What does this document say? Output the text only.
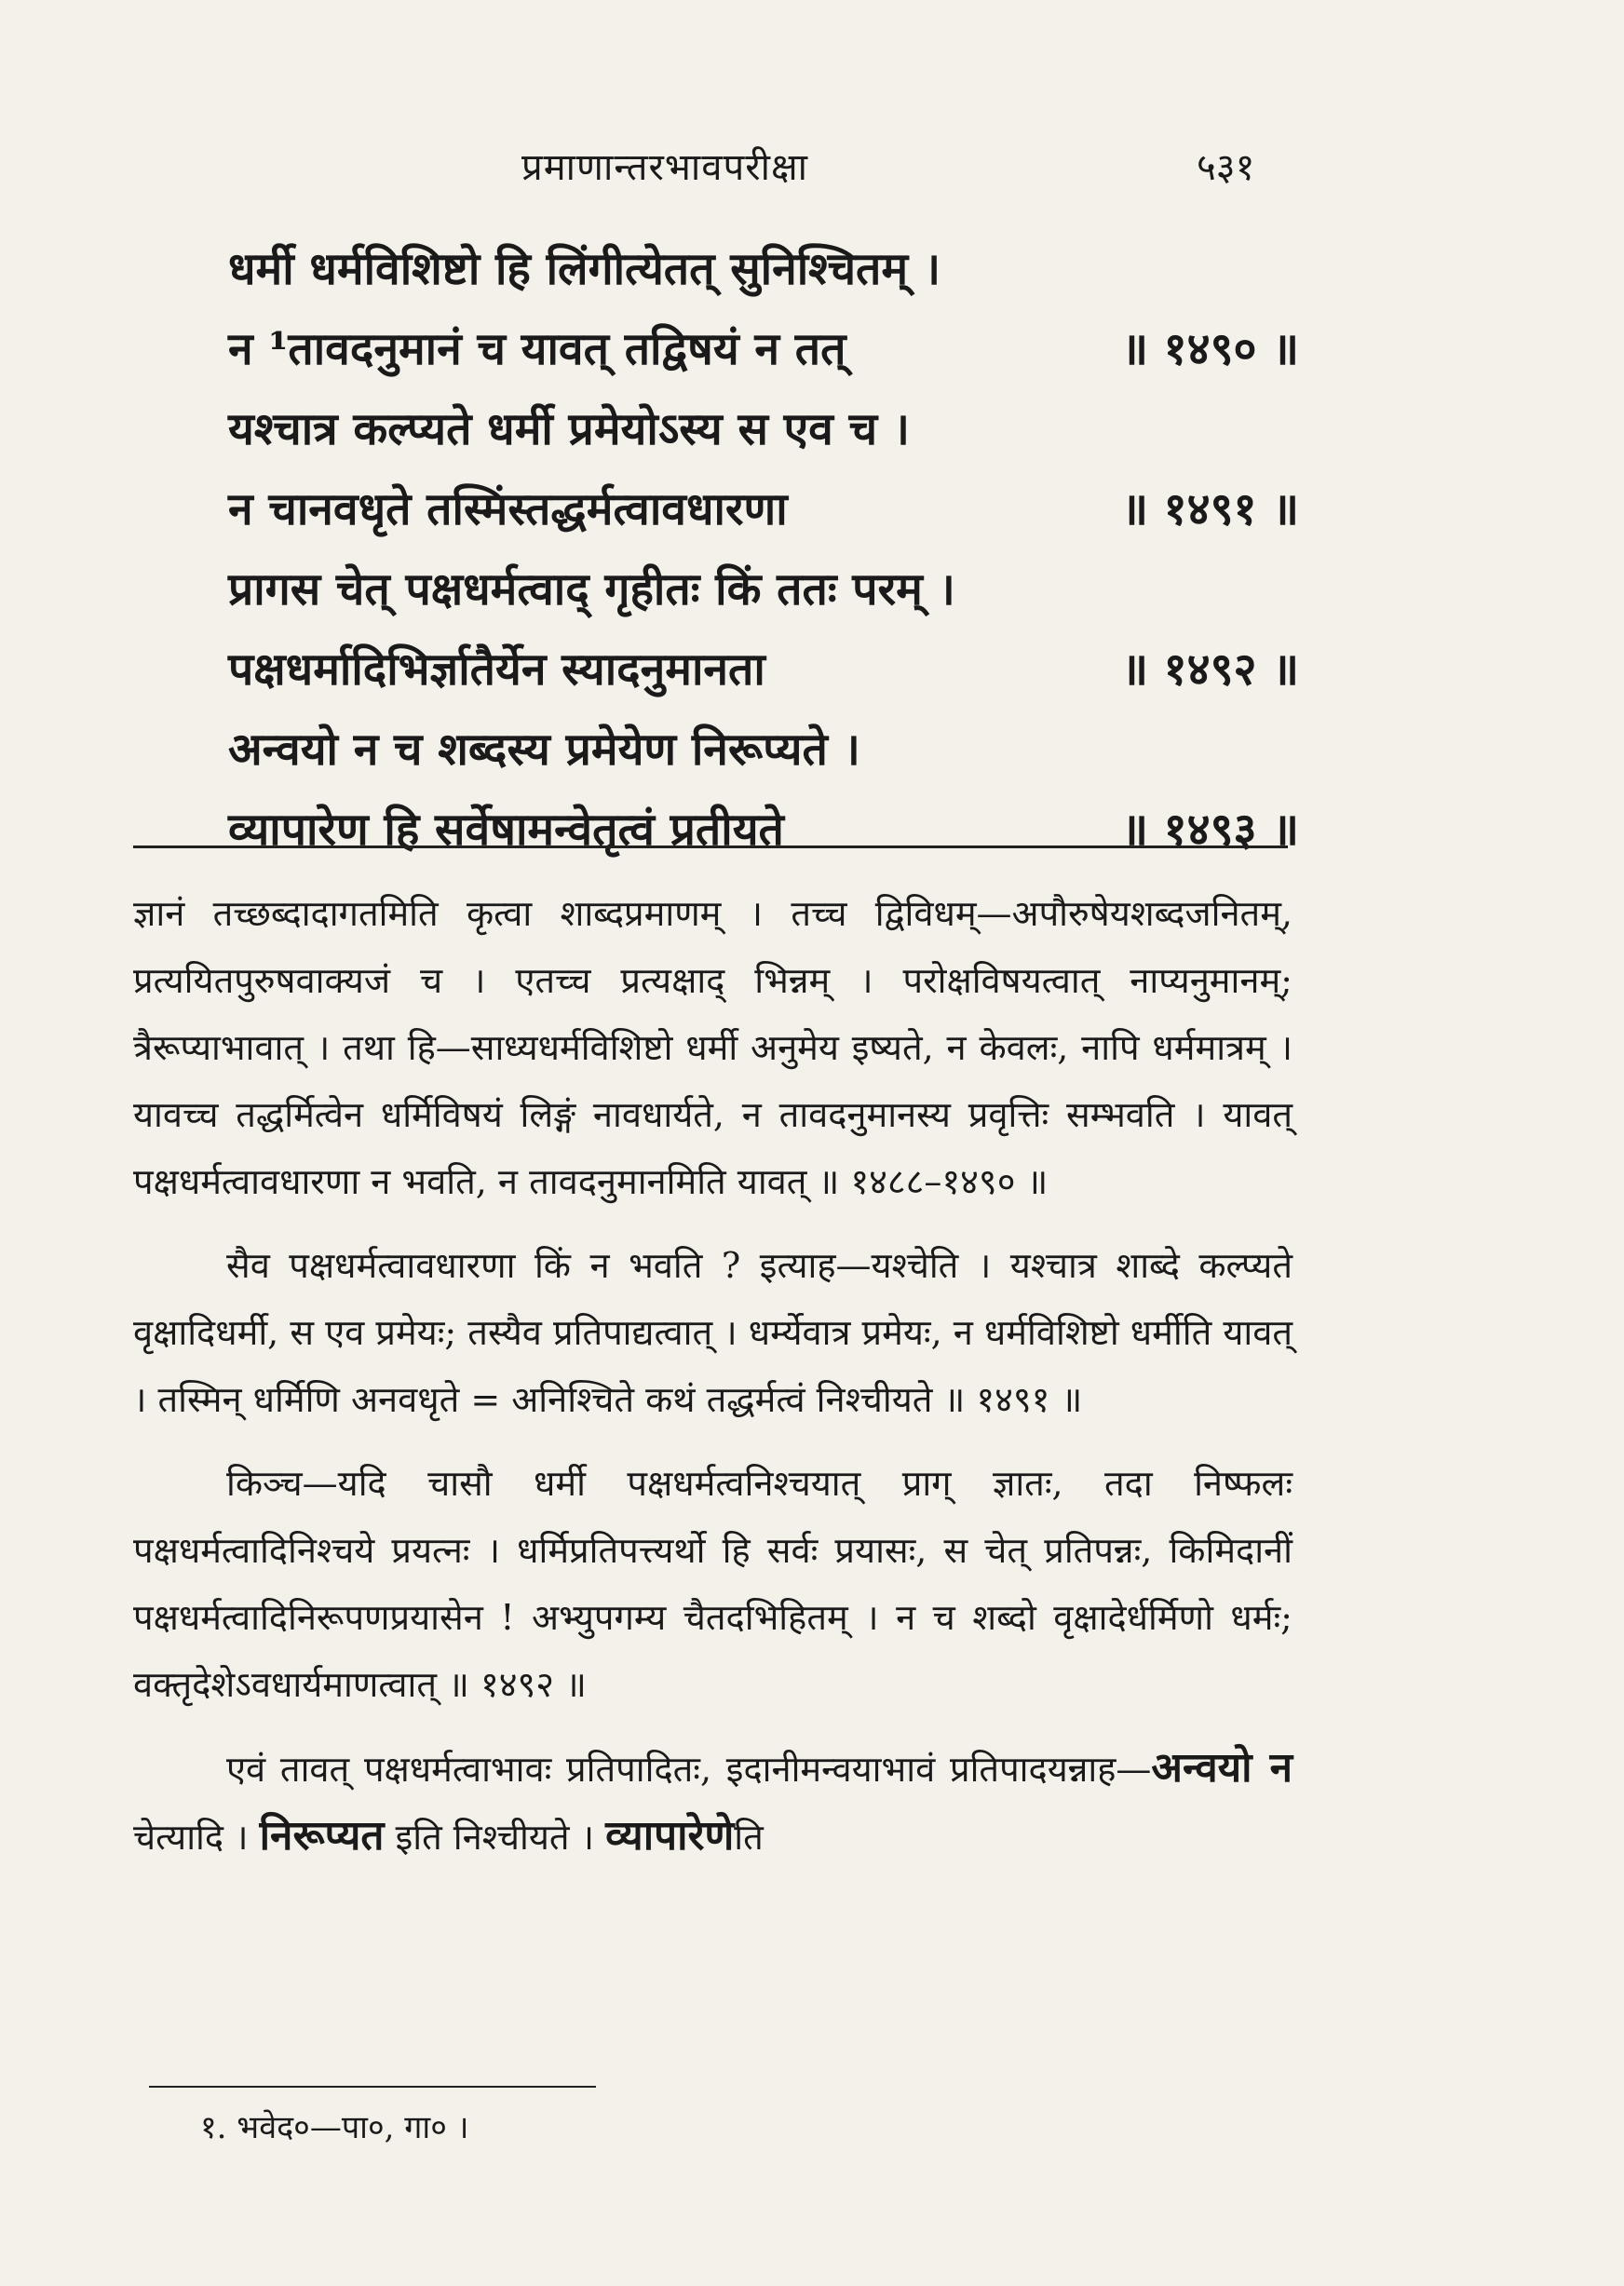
प्रमाणान्तरभावपरीक्षा	५३१
धर्मी धर्मविशिष्टो हि लिंगीत्येतत् सुनिश्चितम् ।
न ¹तावदनुमानं च यावत् तद्विषयं न तत्	॥ १४९० ॥
यश्चात्र कल्प्यते धर्मी प्रमेयोऽस्य स एव च ।
न चानवधृते तस्मिंस्तद्धर्मत्वावधारणा	॥ १४९१ ॥
प्रागस चेत् पक्षधर्मत्वाद् गृहीतः किं ततः परम् ।
पक्षधर्मादिभिर्ज्ञातैर्येन स्यादनुमानता	॥ १४९२ ॥
अन्वयो न च शब्दस्य प्रमेयेण निरूप्यते ।
व्यापारेण हि सर्वेषामन्वेतृत्वं प्रतीयते	॥ १४९३ ॥

ज्ञानं तच्छब्दादागतमिति कृत्वा शाब्दप्रमाणम् । तच्च द्विविधम्—अपौरुषेयशब्दजनितम्, प्रत्ययितपुरुषवाक्यजं च । एतच्च प्रत्यक्षाद् भिन्नम् । परोक्षविषयत्वात् नाप्यनुमानम्; त्रैरूप्याभावात् । तथा हि—साध्यधर्मविशिष्टो धर्मी अनुमेय इष्यते, न केवलः, नापि धर्ममात्रम् । यावच्च तद्धर्मित्वेन धर्मिविषयं लिङ्गं नावधार्यते, न तावदनुमानस्य प्रवृत्तिः सम्भवति । यावत् पक्षधर्मत्वावधारणा न भवति, न तावदनुमानमिति यावत् ॥ १४८८–१४९० ॥

सैव पक्षधर्मत्वावधारणा किं न भवति ? इत्याह—यश्चेति । यश्चात्र शाब्दे कल्प्यते वृक्षादिधर्मी, स एव प्रमेयः; तस्यैव प्रतिपाद्यत्वात् । धर्म्येवात्र प्रमेयः, न धर्मविशिष्टो धर्मीति यावत् । तस्मिन् धर्मिणि अनवधृते = अनिश्चिते कथं तद्धर्मत्वं निश्चीयते ॥ १४९१ ॥

किञ्च—यदि चासौ धर्मी पक्षधर्मत्वनिश्चयात् प्राग् ज्ञातः, तदा निष्फलः पक्षधर्मत्वादिनिश्चये प्रयत्नः । धर्मिप्रतिपत्त्यर्थो हि सर्वः प्रयासः, स चेत् प्रतिपन्नः, किमिदानीं पक्षधर्मत्वादिनिरूपणप्रयासेन ! अभ्युपगम्य चैतदभिहितम् । न च शब्दो वृक्षादेर्धर्मिणो धर्मः; वक्तृदेशेऽवधार्यमाणत्वात् ॥ १४९२ ॥

एवं तावत् पक्षधर्मत्वाभावः प्रतिपादितः, इदानीमन्वयाभावं प्रतिपादयन्नाह—अन्वयो न चेत्यादि । निरूप्यत इति निश्चीयते । व्यापारेणेति

१. भवेद०—पा०, गा० ।
